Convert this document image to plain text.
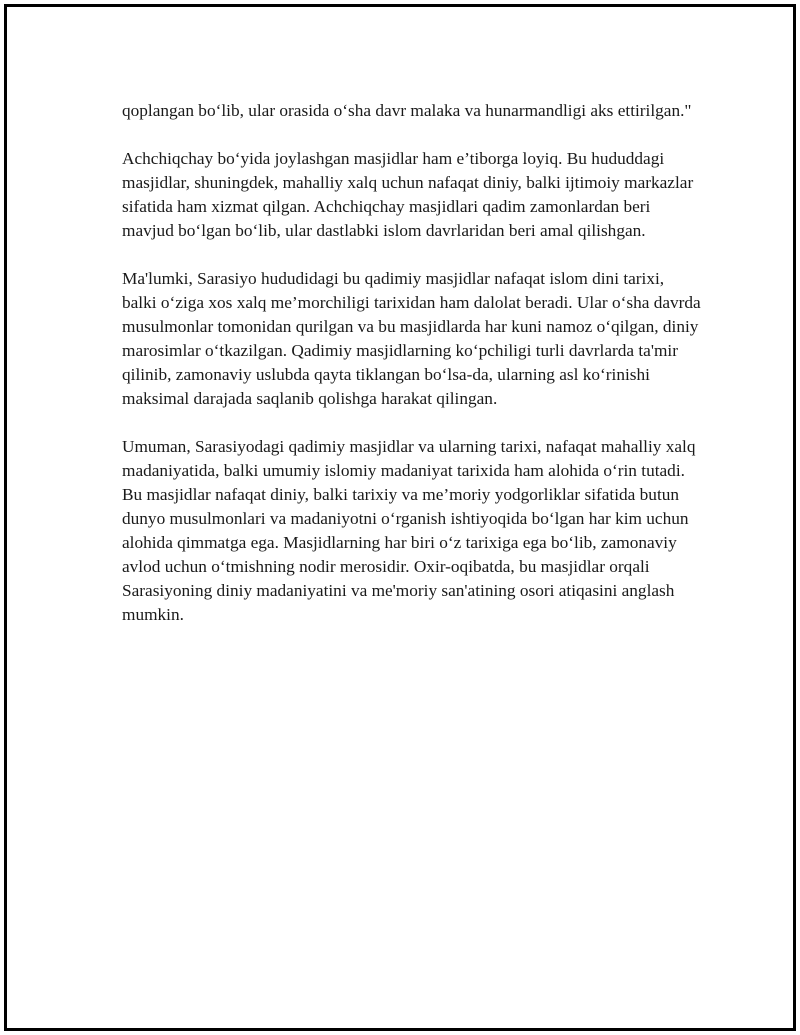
qoplangan bo‘lib, ular orasida o‘sha davr malaka va hunarmandligi aks ettirilgan."

Achchiqchay bo‘yida joylashgan masjidlar ham e’tiborga loyiq. Bu hududdagi masjidlar, shuningdek, mahalliy xalq uchun nafaqat diniy, balki ijtimoiy markazlar sifatida ham xizmat qilgan. Achchiqchay masjidlari qadim zamonlardan beri mavjud bo‘lgan bo‘lib, ular dastlabki islom davrlaridan beri amal qilishgan.

Ma'lumki, Sarasiyo hududidagi bu qadimiy masjidlar nafaqat islom dini tarixi, balki o‘ziga xos xalq me’morchiligi tarixidan ham dalolat beradi. Ular o‘sha davrda musulmonlar tomonidan qurilgan va bu masjidlarda har kuni namoz o‘qilgan, diniy marosimlar o‘tkazilgan. Qadimiy masjidlarning ko‘pchiligi turli davrlarda ta'mir qilinib, zamonaviy uslubda qayta tiklangan bo‘lsa-da, ularning asl ko‘rinishi maksimal darajada saqlanib qolishga harakat qilingan.

Umuman, Sarasiyodagi qadimiy masjidlar va ularning tarixi, nafaqat mahalliy xalq madaniyatida, balki umumiy islomiy madaniyat tarixida ham alohida o‘rin tutadi. Bu masjidlar nafaqat diniy, balki tarixiy va me’moriy yodgorliklar sifatida butun dunyo musulmonlari va madaniyotni o‘rganish ishtiyoqida bo‘lgan har kim uchun alohida qimmatga ega. Masjidlarning har biri o‘z tarixiga ega bo‘lib, zamonaviy avlod uchun o‘tmishning nodir merosidir. Oxir-oqibatda, bu masjidlar orqali Sarasiyoning diniy madaniyatini va me'moriy san'atining osori atiqasini anglash mumkin.
